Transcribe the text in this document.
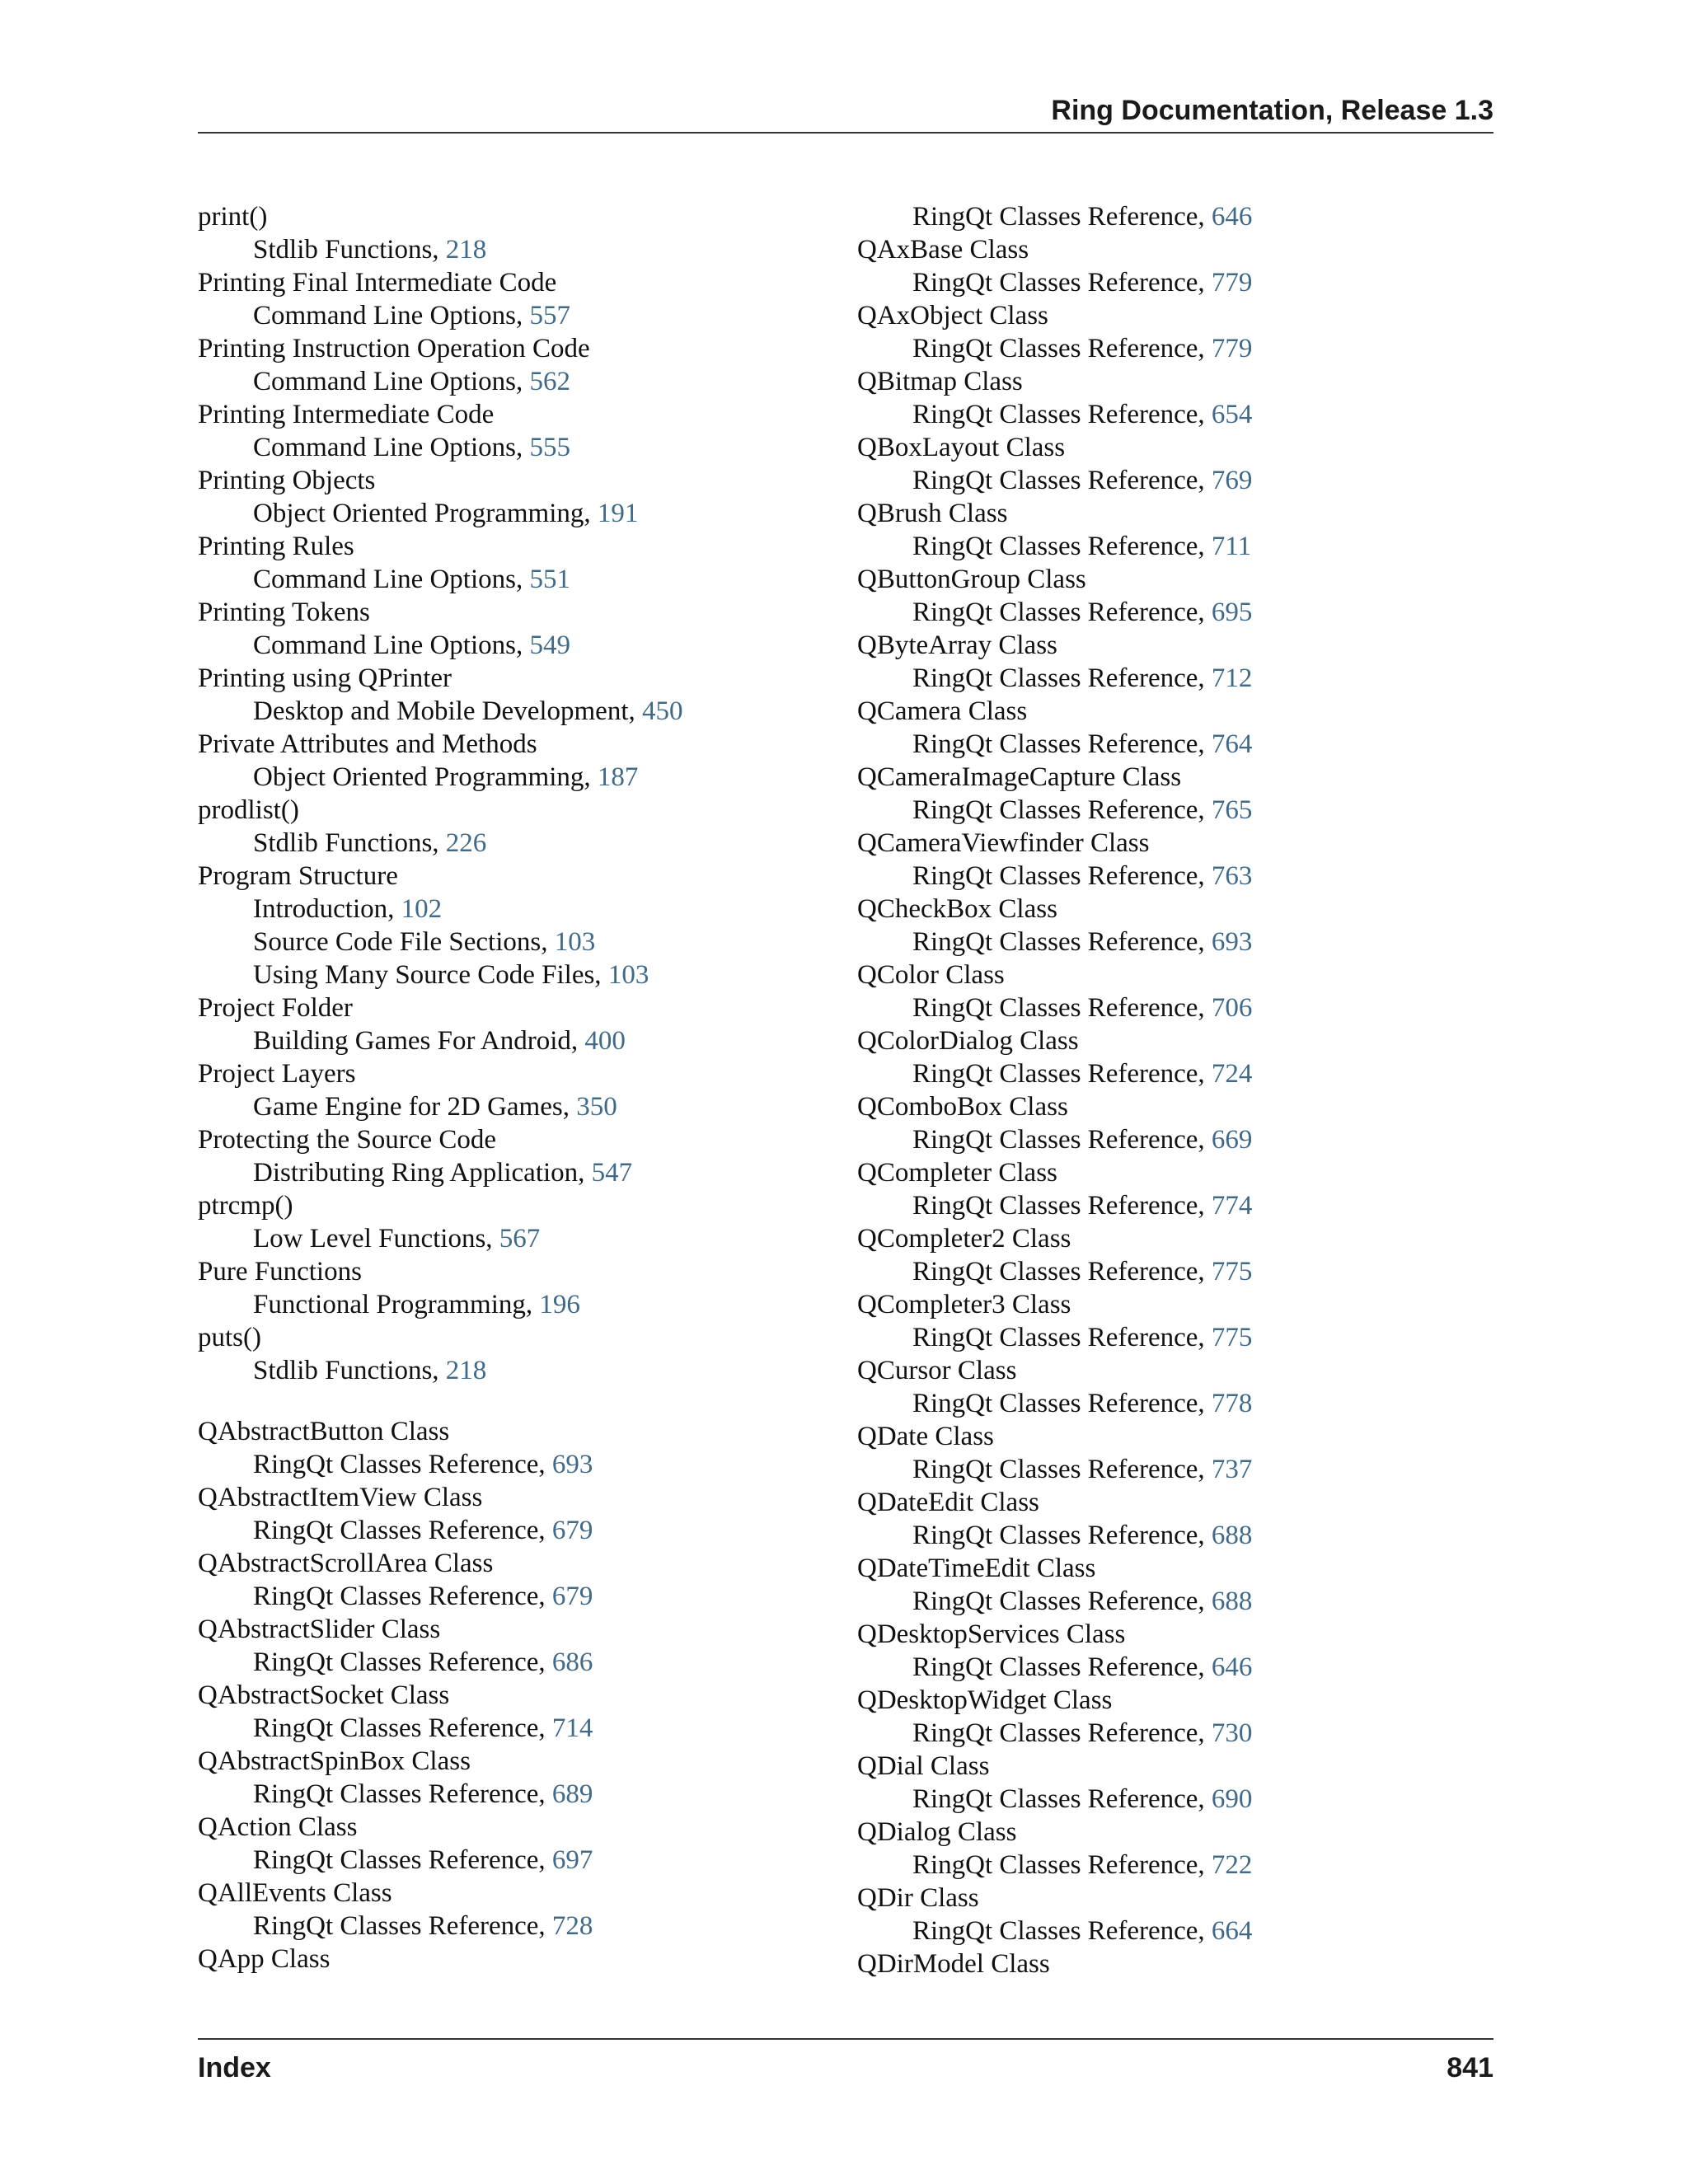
Ring Documentation, Release 1.3
print()
Stdlib Functions, 218
Printing Final Intermediate Code
Command Line Options, 557
Printing Instruction Operation Code
Command Line Options, 562
Printing Intermediate Code
Command Line Options, 555
Printing Objects
Object Oriented Programming, 191
Printing Rules
Command Line Options, 551
Printing Tokens
Command Line Options, 549
Printing using QPrinter
Desktop and Mobile Development, 450
Private Attributes and Methods
Object Oriented Programming, 187
prodlist()
Stdlib Functions, 226
Program Structure
Introduction, 102
Source Code File Sections, 103
Using Many Source Code Files, 103
Project Folder
Building Games For Android, 400
Project Layers
Game Engine for 2D Games, 350
Protecting the Source Code
Distributing Ring Application, 547
ptrcmp()
Low Level Functions, 567
Pure Functions
Functional Programming, 196
puts()
Stdlib Functions, 218
QAbstractButton Class
RingQt Classes Reference, 693
QAbstractItemView Class
RingQt Classes Reference, 679
QAbstractScrollArea Class
RingQt Classes Reference, 679
QAbstractSlider Class
RingQt Classes Reference, 686
QAbstractSocket Class
RingQt Classes Reference, 714
QAbstractSpinBox Class
RingQt Classes Reference, 689
QAction Class
RingQt Classes Reference, 697
QAllEvents Class
RingQt Classes Reference, 728
QApp Class
RingQt Classes Reference, 646
QAxBase Class
RingQt Classes Reference, 779
QAxObject Class
RingQt Classes Reference, 779
QBitmap Class
RingQt Classes Reference, 654
QBoxLayout Class
RingQt Classes Reference, 769
QBrush Class
RingQt Classes Reference, 711
QButtonGroup Class
RingQt Classes Reference, 695
QByteArray Class
RingQt Classes Reference, 712
QCamera Class
RingQt Classes Reference, 764
QCameraImageCapture Class
RingQt Classes Reference, 765
QCameraViewfinder Class
RingQt Classes Reference, 763
QCheckBox Class
RingQt Classes Reference, 693
QColor Class
RingQt Classes Reference, 706
QColorDialog Class
RingQt Classes Reference, 724
QComboBox Class
RingQt Classes Reference, 669
QCompleter Class
RingQt Classes Reference, 774
QCompleter2 Class
RingQt Classes Reference, 775
QCompleter3 Class
RingQt Classes Reference, 775
QCursor Class
RingQt Classes Reference, 778
QDate Class
RingQt Classes Reference, 737
QDateEdit Class
RingQt Classes Reference, 688
QDateTimeEdit Class
RingQt Classes Reference, 688
QDesktopServices Class
RingQt Classes Reference, 646
QDesktopWidget Class
RingQt Classes Reference, 730
QDial Class
RingQt Classes Reference, 690
QDialog Class
RingQt Classes Reference, 722
QDir Class
RingQt Classes Reference, 664
QDirModel Class
Index	841
